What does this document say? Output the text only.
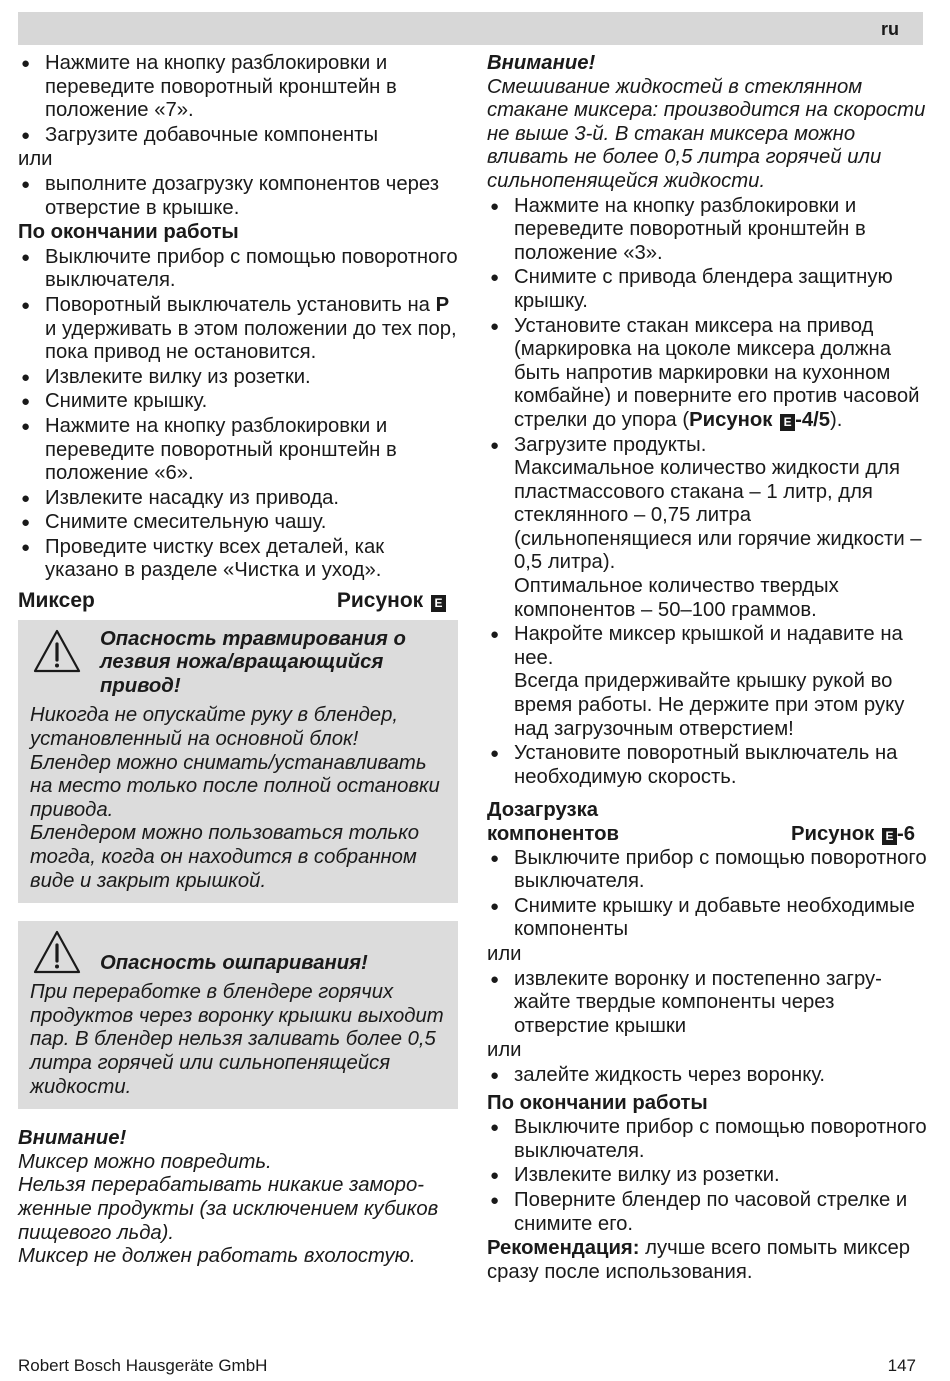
ru
● Нажмите на кнопку разблокировки и переведите поворотный кронштейн в положение «7».
● Загрузите добавочные компоненты
или
● выполните дозагрузку компонентов через отверстие в крышке.
По окончании работы
● Выключите прибор с помощью поворотного выключателя.
● Поворотный выключатель установить на P и удерживать в этом положении до тех пор, пока привод не остановится.
● Извлеките вилку из розетки.
● Снимите крышку.
● Нажмите на кнопку разблокировки и переведите поворотный кронштейн в положение «6».
● Извлеките насадку из привода.
● Снимите смесительную чашу.
● Проведите чистку всех деталей, как указано в разделе «Чистка и уход».
Миксер	Рисунок E
Опасность травмирования о лезвия ножа/вращающийся привод!
Никогда не опускайте руку в блендер, установленный на основной блок!
Блендер можно снимать/устанавливать на место только после полной остановки привода.
Блендером можно пользоваться только тогда, когда он находится в собранном виде и закрыт крышкой.
Опасность ошпаривания!
При переработке в блендере горячих продуктов через воронку крышки выходит пар. В блендер нельзя заливать более 0,5 литра горячей или сильнопенящейся жидкости.
Внимание!
Миксер можно повредить.
Нельзя перерабатывать никакие замороженные продукты (за исключением кубиков пищевого льда).
Миксер не должен работать вхолостую.
Внимание!
Смешивание жидкостей в стеклянном стакане миксера: производится на скорости не выше 3-й. В стакан миксера можно вливать не более 0,5 литра горячей или сильнопенящейся жидкости.
● Нажмите на кнопку разблокировки и переведите поворотный кронштейн в положение «3».
● Снимите с привода блендера защитную крышку.
● Установите стакан миксера на привод (маркировка на цоколе миксера должна быть напротив маркировки на кухонном комбайне) и поверните его против часовой стрелки до упора (Рисунок E -4/5).
● Загрузите продукты.
Максимальное количество жидкости для пластмассового стакана – 1 литр, для стеклянного – 0,75 литра (сильнопенящиеся или горячие жидкости – 0,5 литра).
Оптимальное количество твердых компонентов – 50–100 граммов.
● Накройте миксер крышкой и надавите на нее.
Всегда придерживайте крышку рукой во время работы. Не держите при этом руку над загрузочным отверстием!
● Установите поворотный выключатель на необходимую скорость.
Дозагрузка
компонентов	Рисунок E -6
● Выключите прибор с помощью поворотного выключателя.
● Снимите крышку и добавьте необходимые компоненты
или
● извлеките воронку и постепенно загружайте твердые компоненты через отверстие крышки
или
● залейте жидкость через воронку.
По окончании работы
● Выключите прибор с помощью поворотного выключателя.
● Извлеките вилку из розетки.
● Поверните блендер по часовой стрелке и снимите его.
Рекомендация: лучше всего помыть миксер сразу после использования.
Robert Bosch Hausgeräte GmbH	147
